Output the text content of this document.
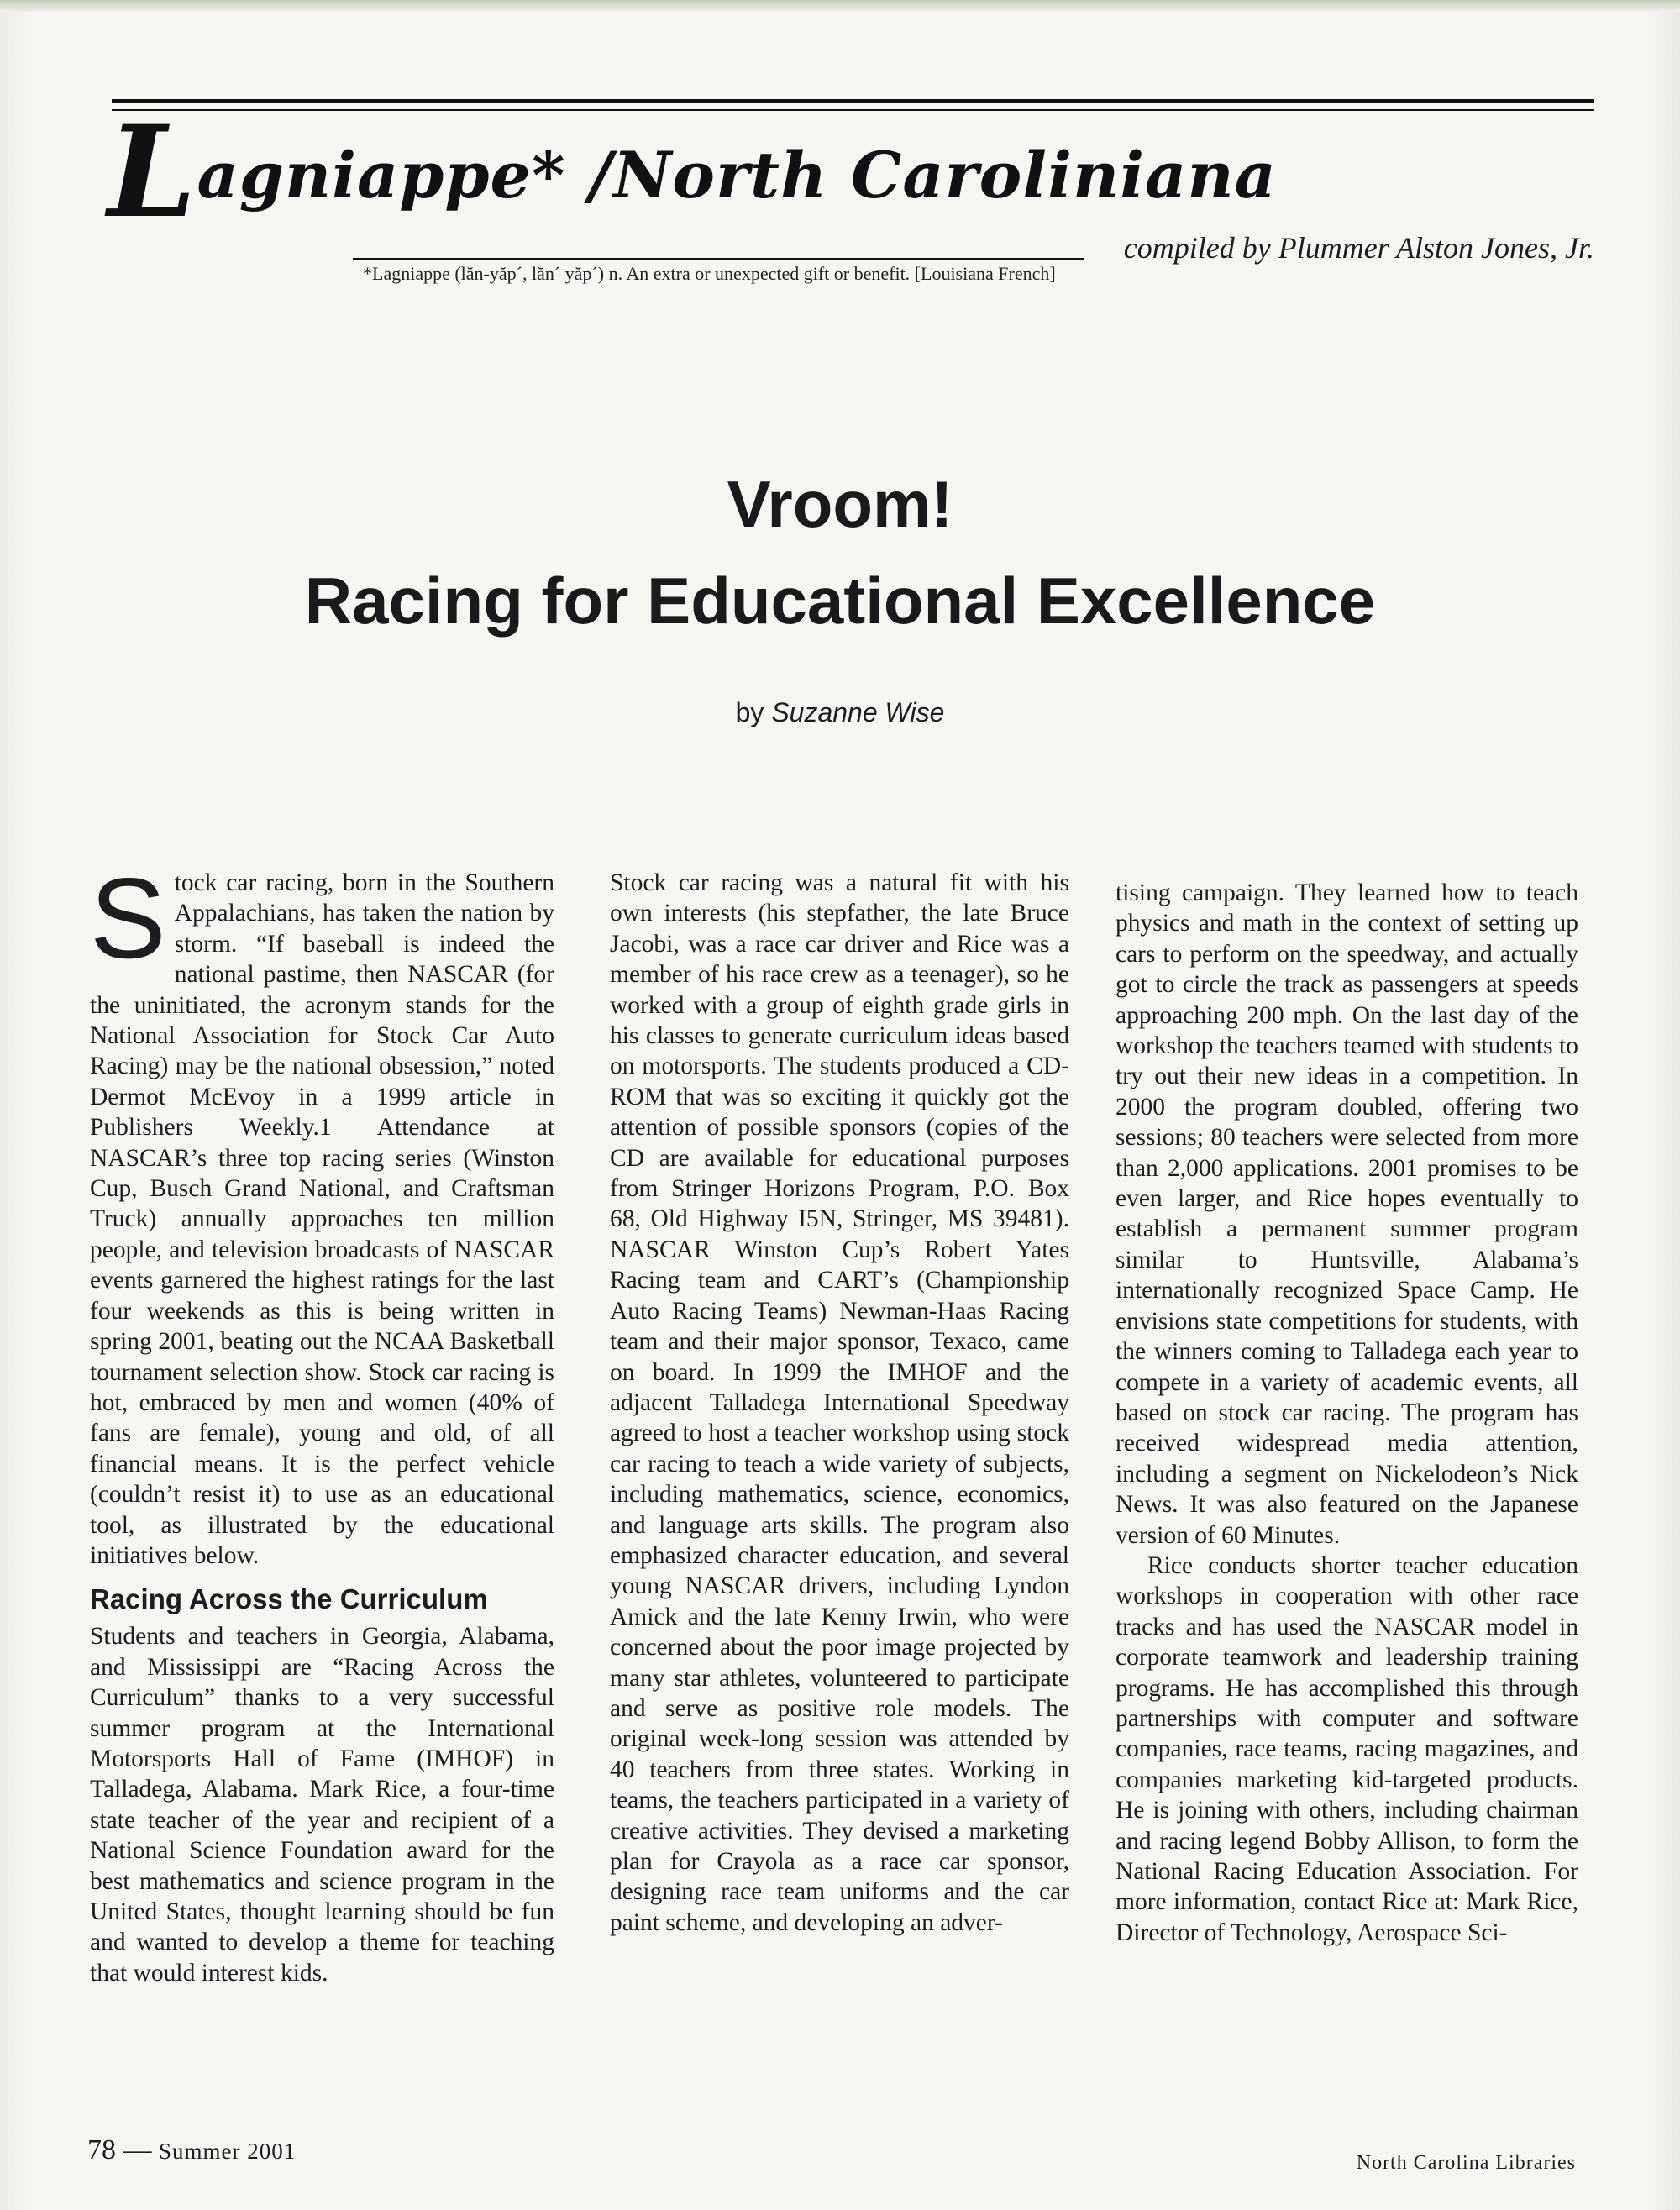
Lagniappe* /North Caroliniana
*Lagniappe (lăn-yăp´, lăn´ yăp´) n. An extra or unexpected gift or benefit. [Louisiana French]
compiled by Plummer Alston Jones, Jr.
Vroom!
Racing for Educational Excellence
by Suzanne Wise

Stock car racing, born in the Southern Appalachians, has taken the nation by storm. “If baseball is indeed the national pastime, then NASCAR (for the uninitiated, the acronym stands for the National Association for Stock Car Auto Racing) may be the national obsession,” noted Dermot McEvoy in a 1999 article in Publishers Weekly.1 Attendance at NASCAR’s three top racing series (Winston Cup, Busch Grand National, and Craftsman Truck) annually approaches ten million people, and television broadcasts of NASCAR events garnered the highest ratings for the last four weekends as this is being written in spring 2001, beating out the NCAA Basketball tournament selection show. Stock car racing is hot, embraced by men and women (40% of fans are female), young and old, of all financial means. It is the perfect vehicle (couldn’t resist it) to use as an educational tool, as illustrated by the educational initiatives below.

Racing Across the Curriculum

Students and teachers in Georgia, Alabama, and Mississippi are “Racing Across the Curriculum” thanks to a very successful summer program at the International Motorsports Hall of Fame (IMHOF) in Talladega, Alabama. Mark Rice, a four-time state teacher of the year and recipient of a National Science Foundation award for the best mathematics and science program in the United States, thought learning should be fun and wanted to develop a theme for teaching that would interest kids.

Stock car racing was a natural fit with his own interests (his stepfather, the late Bruce Jacobi, was a race car driver and Rice was a member of his race crew as a teenager), so he worked with a group of eighth grade girls in his classes to generate curriculum ideas based on motorsports. The students produced a CD-ROM that was so exciting it quickly got the attention of possible sponsors (copies of the CD are available for educational purposes from Stringer Horizons Program, P.O. Box 68, Old Highway I5N, Stringer, MS 39481). NASCAR Winston Cup’s Robert Yates Racing team and CART’s (Championship Auto Racing Teams) Newman-Haas Racing team and their major sponsor, Texaco, came on board. In 1999 the IMHOF and the adjacent Talladega International Speedway agreed to host a teacher workshop using stock car racing to teach a wide variety of subjects, including mathematics, science, economics, and language arts skills. The program also emphasized character education, and several young NASCAR drivers, including Lyndon Amick and the late Kenny Irwin, who were concerned about the poor image projected by many star athletes, volunteered to participate and serve as positive role models. The original week-long session was attended by 40 teachers from three states. Working in teams, the teachers participated in a variety of creative activities. They devised a marketing plan for Crayola as a race car sponsor, designing race team uniforms and the car paint scheme, and developing an adver-

tising campaign. They learned how to teach physics and math in the context of setting up cars to perform on the speedway, and actually got to circle the track as passengers at speeds approaching 200 mph. On the last day of the workshop the teachers teamed with students to try out their new ideas in a competition. In 2000 the program doubled, offering two sessions; 80 teachers were selected from more than 2,000 applications. 2001 promises to be even larger, and Rice hopes eventually to establish a permanent summer program similar to Huntsville, Alabama’s internationally recognized Space Camp. He envisions state competitions for students, with the winners coming to Talladega each year to compete in a variety of academic events, all based on stock car racing. The program has received widespread media attention, including a segment on Nickelodeon’s Nick News. It was also featured on the Japanese version of 60 Minutes.

Rice conducts shorter teacher education workshops in cooperation with other race tracks and has used the NASCAR model in corporate teamwork and leadership training programs. He has accomplished this through partnerships with computer and software companies, race teams, racing magazines, and companies marketing kid-targeted products. He is joining with others, including chairman and racing legend Bobby Allison, to form the National Racing Education Association. For more information, contact Rice at: Mark Rice, Director of Technology, Aerospace Sci-

78 — Summer 2001	North Carolina Libraries
